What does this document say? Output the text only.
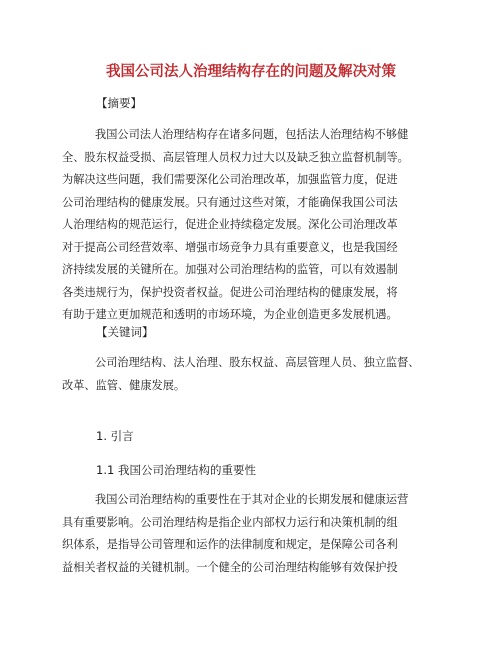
我国公司法人治理结构存在的问题及解决对策
【摘要】
我国公司法人治理结构存在诸多问题，包括法人治理结构不够健
全、股东权益受损、高层管理人员权力过大以及缺乏独立监督机制等。
为解决这些问题，我们需要深化公司治理改革，加强监管力度，促进
公司治理结构的健康发展。只有通过这些对策，才能确保我国公司法
人治理结构的规范运行，促进企业持续稳定发展。深化公司治理改革
对于提高公司经营效率、增强市场竞争力具有重要意义，也是我国经
济持续发展的关键所在。加强对公司治理结构的监管，可以有效遏制
各类违规行为，保护投资者权益。促进公司治理结构的健康发展，将
有助于建立更加规范和透明的市场环境，为企业创造更多发展机遇。
【关键词】
公司治理结构、法人治理、股东权益、高层管理人员、独立监督、
改革、监管、健康发展。
1. 引言
1.1 我国公司治理结构的重要性
我国公司治理结构的重要性在于其对企业的长期发展和健康运营
具有重要影响。公司治理结构是指企业内部权力运行和决策机制的组
织体系，是指导公司管理和运作的法律制度和规定，是保障公司各利
益相关者权益的关键机制。一个健全的公司治理结构能够有效保护投
